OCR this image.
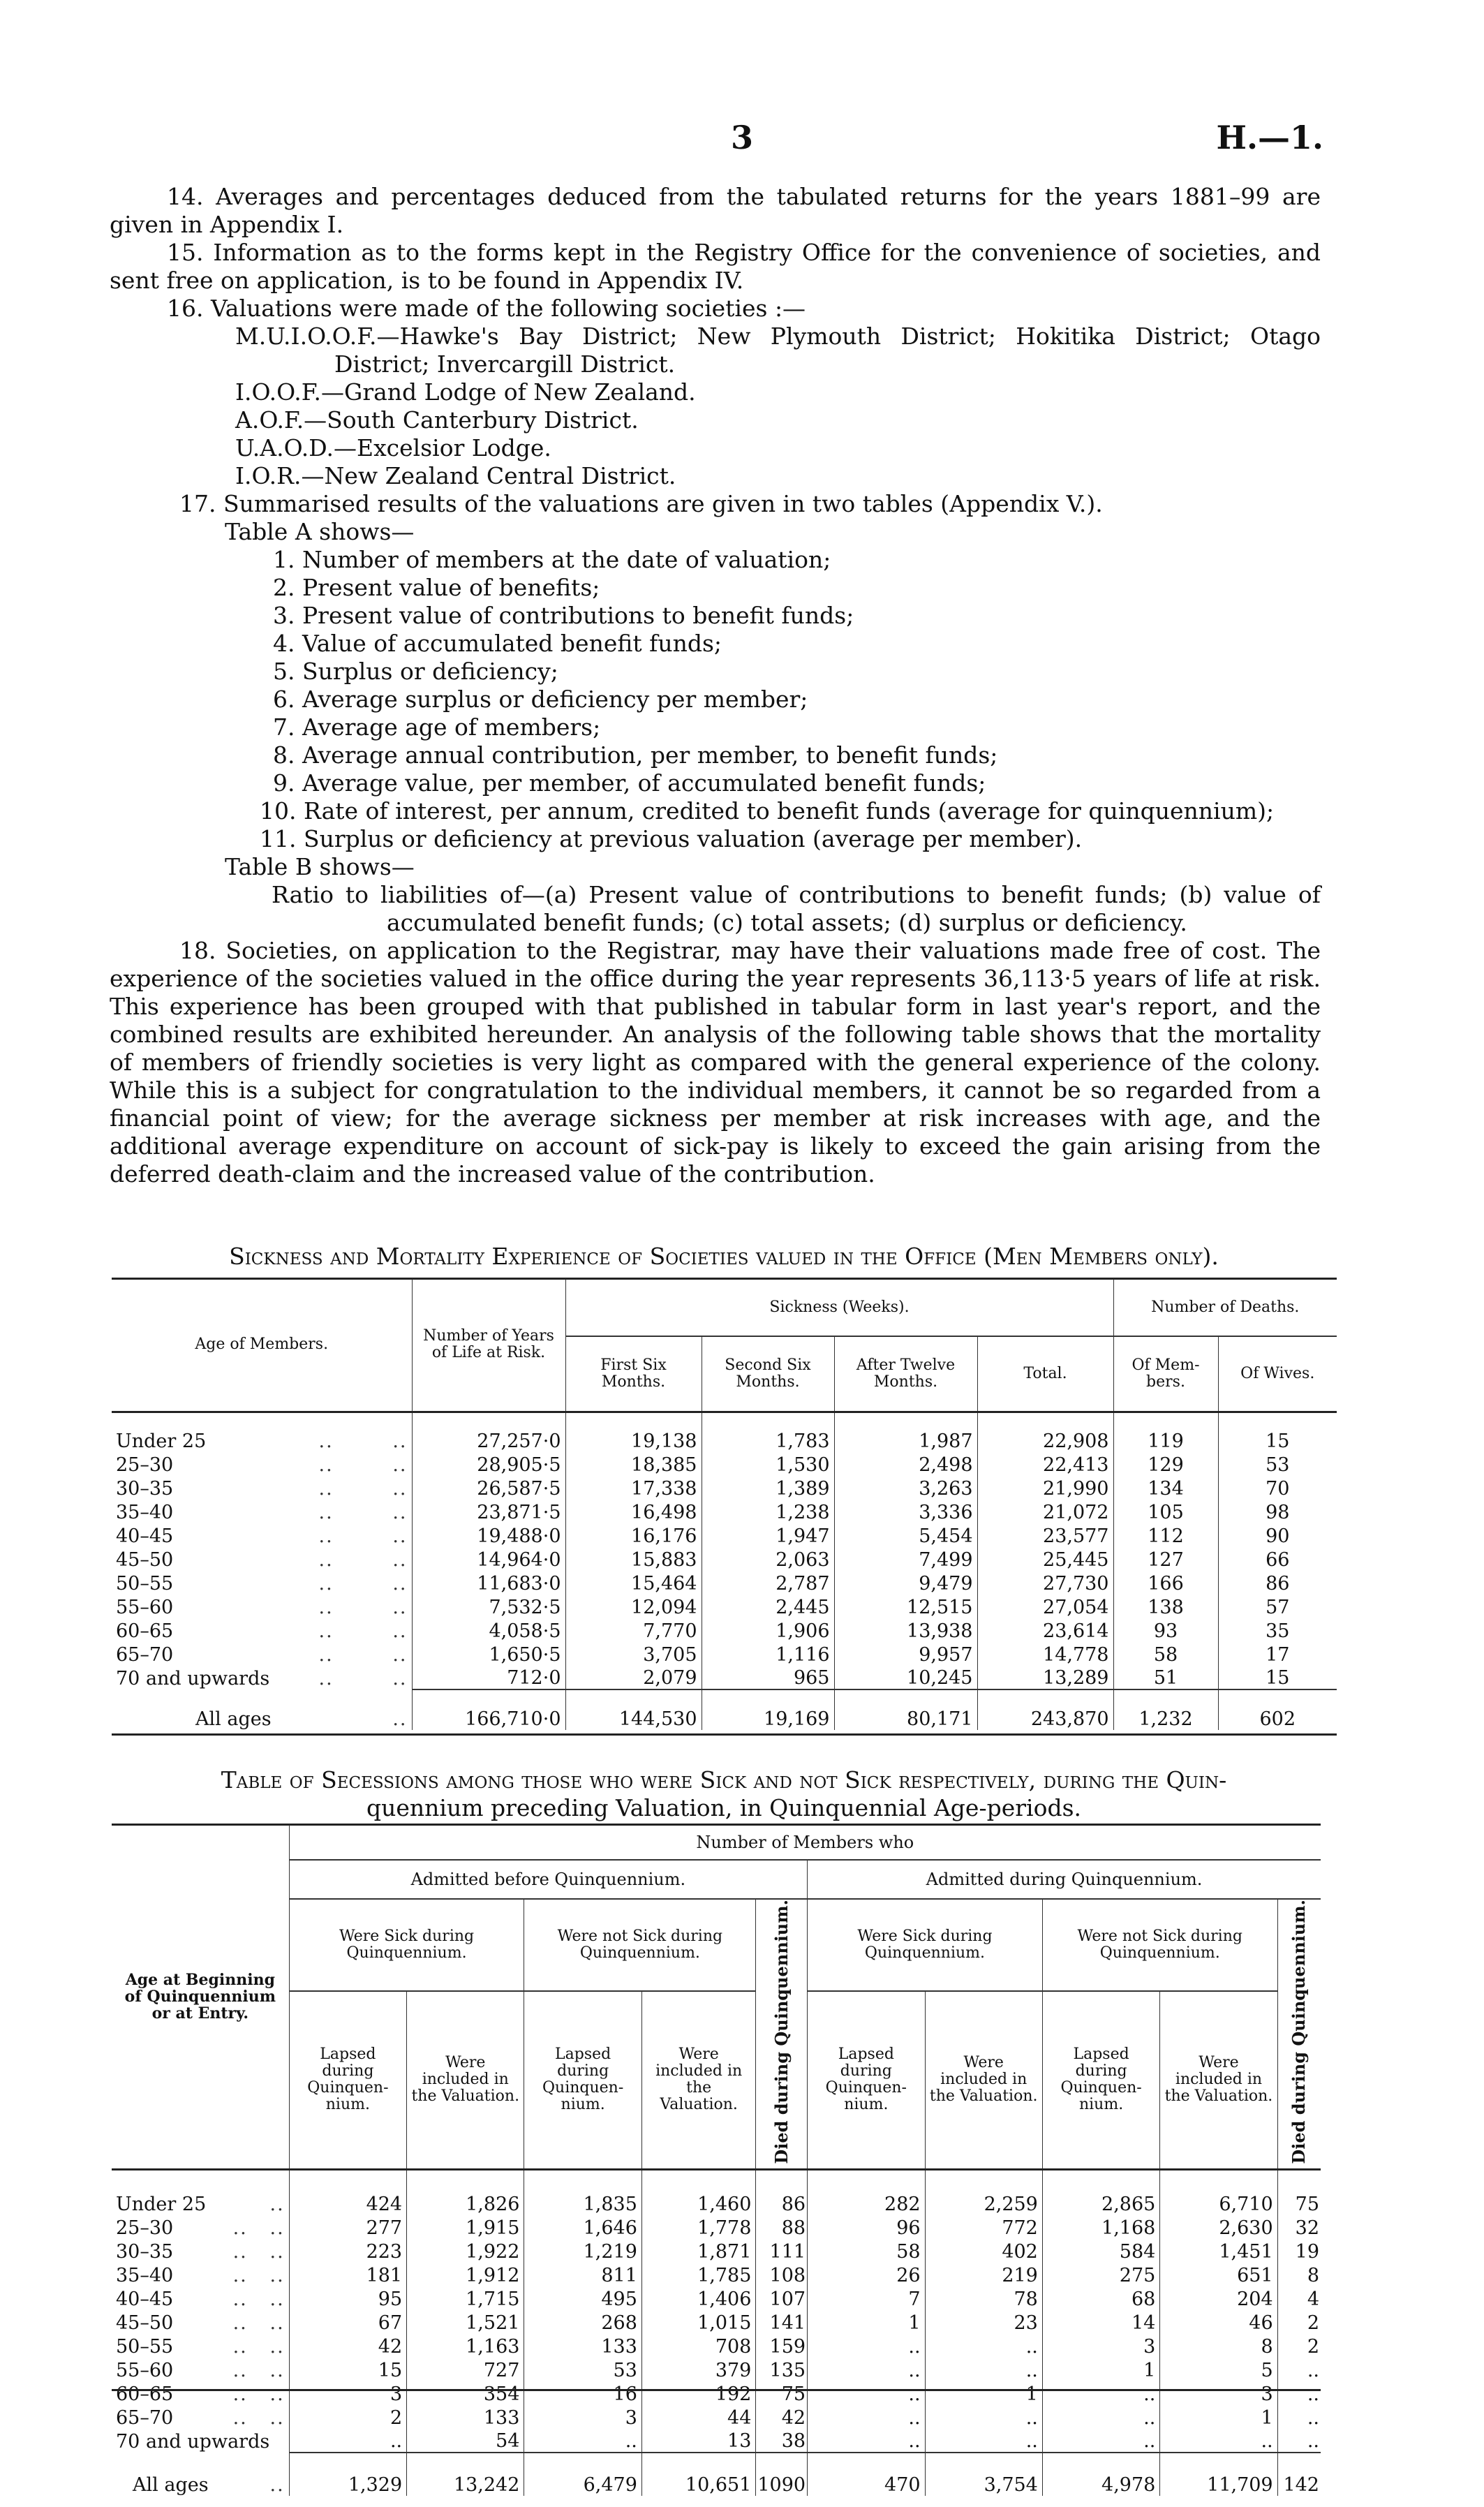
3	H.—1.

14. Averages and percentages deduced from the tabulated returns for the years 1881–99 are given in Appendix I.

15. Information as to the forms kept in the Registry Office for the convenience of societies, and sent free on application, is to be found in Appendix IV.

16. Valuations were made of the following societies :—

M.U.I.O.O.F.—Hawke's Bay District; New Plymouth District; Hokitika District; Otago District; Invercargill District.

I.O.O.F.—Grand Lodge of New Zealand.

A.O.F.—South Canterbury District.

U.A.O.D.—Excelsior Lodge.

I.O.R.—New Zealand Central District.

17. Summarised results of the valuations are given in two tables (Appendix V.).

Table A shows—

1. Number of members at the date of valuation;

2. Present value of benefits;

3. Present value of contributions to benefit funds;

4. Value of accumulated benefit funds;

5. Surplus or deficiency;

6. Average surplus or deficiency per member;

7. Average age of members;

8. Average annual contribution, per member, to benefit funds;

9. Average value, per member, of accumulated benefit funds;

10. Rate of interest, per annum, credited to benefit funds (average for quinquennium);

11. Surplus or deficiency at previous valuation (average per member).

Table B shows—

Ratio to liabilities of—(a) Present value of contributions to benefit funds; (b) value of accumulated benefit funds; (c) total assets; (d) surplus or deficiency.

18. Societies, on application to the Registrar, may have their valuations made free of cost. The experience of the societies valued in the office during the year represents 36,113·5 years of life at risk. This experience has been grouped with that published in tabular form in last year's report, and the combined results are exhibited hereunder. An analysis of the following table shows that the mortality of members of friendly societies is very light as compared with the general experience of the colony. While this is a subject for congratulation to the individual members, it cannot be so regarded from a financial point of view; for the average sickness per member at risk increases with age, and the additional average expenditure on account of sick-pay is likely to exceed the gain arising from the deferred death-claim and the increased value of the contribution.

Sickness and Mortality Experience of Societies valued in the Office (Men Members only).
Age of Members.	Number of Years of Life at Risk.	Sickness (Weeks).				Number of Deaths.	
		First Six Months.	Second Six Months.	After Twelve Months.	Total.	Of Mem-bers.	Of Wives.
Under 25 ..        ..	27,257·0	19,138	1,783	1,987	22,908	119	15
25–30 ..        ..	28,905·5	18,385	1,530	2,498	22,413	129	53
30–35 ..        ..	26,587·5	17,338	1,389	3,263	21,990	134	70
35–40 ..        ..	23,871·5	16,498	1,238	3,336	21,072	105	98
40–45 ..        ..	19,488·0	16,176	1,947	5,454	23,577	112	90
45–50 ..        ..	14,964·0	15,883	2,063	7,499	25,445	127	66
50–55 ..        ..	11,683·0	15,464	2,787	9,479	27,730	166	86
55–60 ..        ..	7,532·5	12,094	2,445	12,515	27,054	138	57
60–65 ..        ..	4,058·5	7,770	1,906	13,938	23,614	93	35
65–70 ..        ..	1,650·5	3,705	1,116	9,957	14,778	58	17
70 and upwards ..        ..	712·0	2,079	965	10,245	13,289	51	15
All ages ..	166,710·0	144,530	19,169	80,171	243,870	1,232	602
Table of Secessions among those who were Sick and not Sick respectively, during the Quin-
quennium preceding Valuation, in Quinquennial Age-periods.
Age at Beginning of Quinquennium or at Entry.	Number of Members who									
	Admitted before Quinquennium.					Admitted during Quinquennium.				
	Were Sick during Quinquennium.		Were not Sick during Quinquennium.		Died during Quinquennium.	Were Sick during Quinquennium.		Were not Sick during Quinquennium.		Died during Quinquennium.
	Lapsed during Quinquen-nium.	Were included in the Valuation.	Lapsed during Quinquen-nium.	Were included in the Valuation.		Lapsed during Quinquen-nium.	Were included in the Valuation.	Lapsed during Quinquen-nium.	Were included in the Valuation.	
Under 25 ..	424	1,826	1,835	1,460	86	282	2,259	2,865	6,710	75
25–30 ..   ..	277	1,915	1,646	1,778	88	96	772	1,168	2,630	32
30–35 ..   ..	223	1,922	1,219	1,871	111	58	402	584	1,451	19
35–40 ..   ..	181	1,912	811	1,785	108	26	219	275	651	8
40–45 ..   ..	95	1,715	495	1,406	107	7	78	68	204	4
45–50 ..   ..	67	1,521	268	1,015	141	1	23	14	46	2
50–55 ..   ..	42	1,163	133	708	159	..	..	3	8	2
55–60 ..   ..	15	727	53	379	135	..	..	1	5	..
60–65 ..   ..	3	354	16	192	75	..	1	..	3	..
65–70 ..   ..	2	133	3	44	42	..	..	..	1	..
70 and upwards	..	54	..	13	38	..	..	..	..	..
All ages ..	1,329	13,242	6,479	10,651	1090	470	3,754	4,978	11,709	142
